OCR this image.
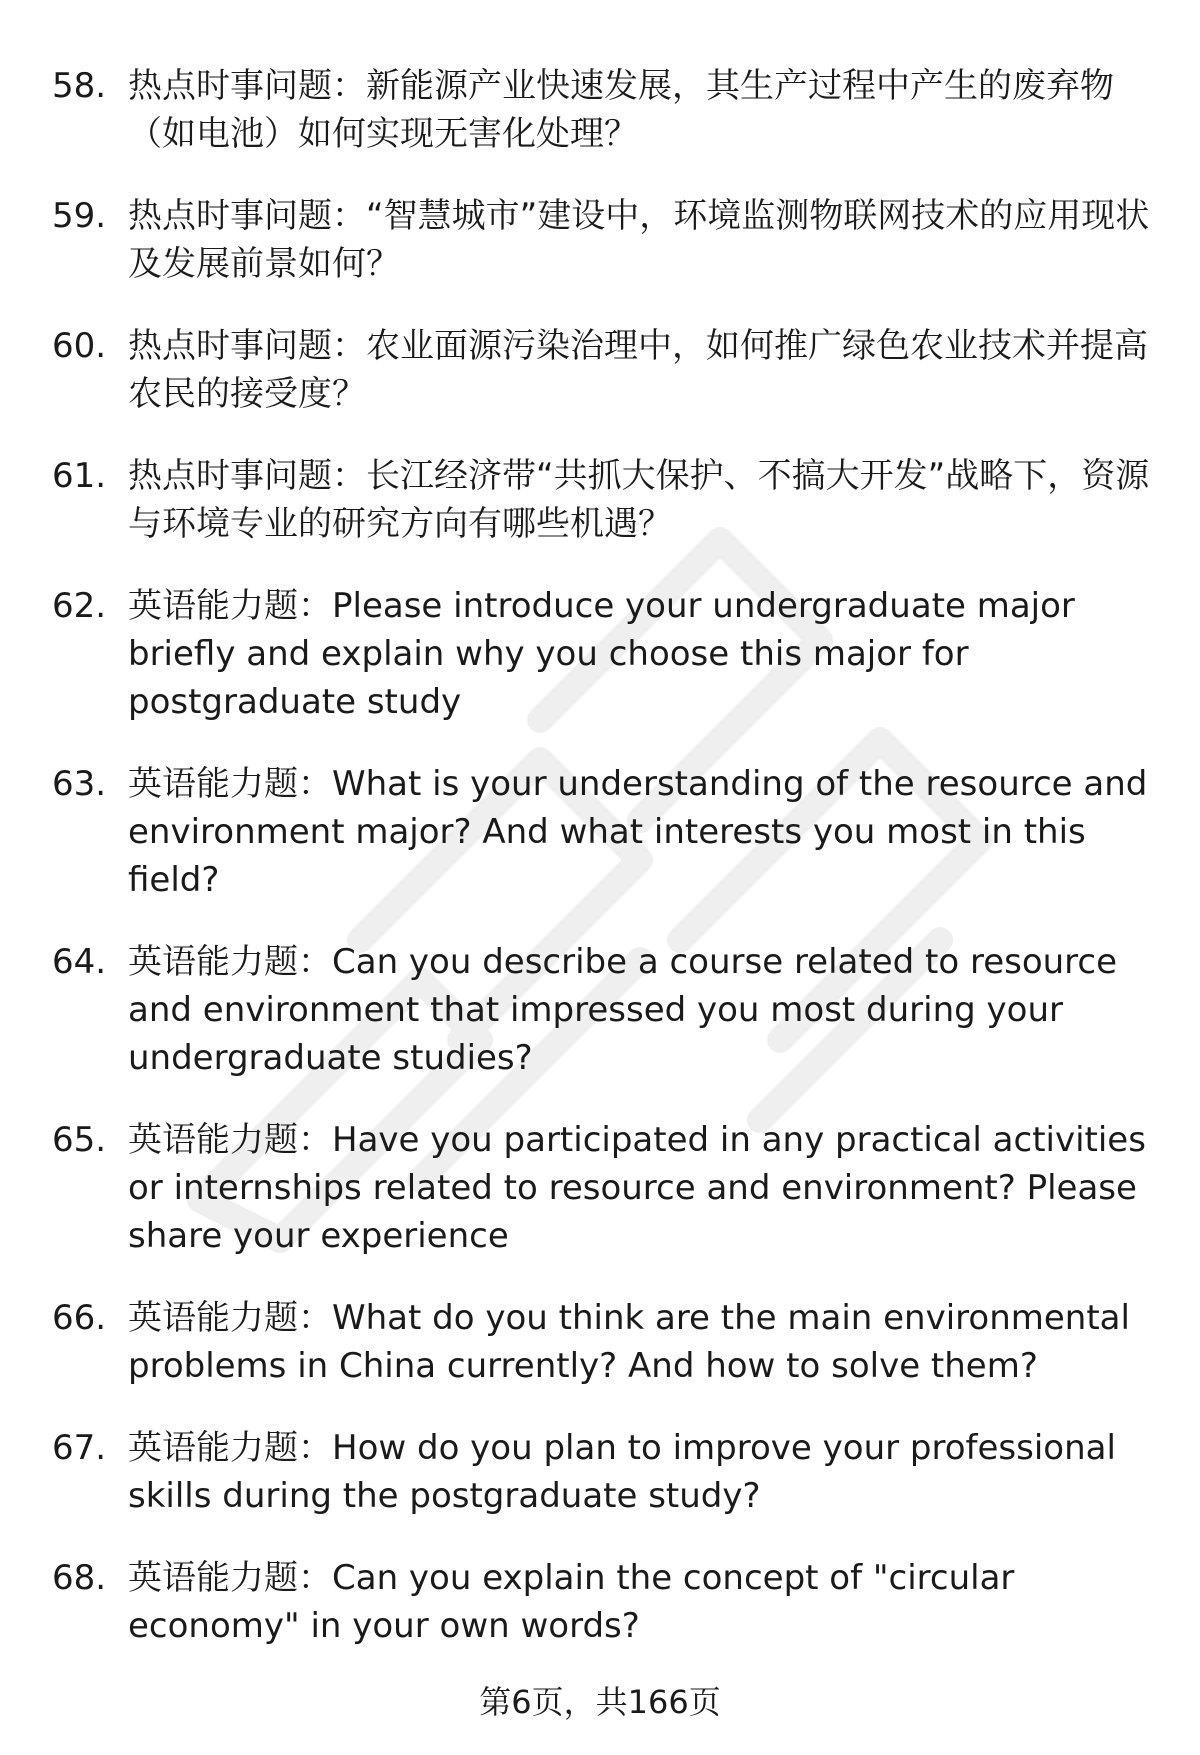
58. 热点时事问题：新能源产业快速发展，其生产过程中产生的废弃物（如电池）如何实现无害化处理？
59. 热点时事问题：“智慧城市”建设中，环境监测物联网技术的应用现状及发展前景如何？
60. 热点时事问题：农业面源污染治理中，如何推广绿色农业技术并提高农民的接受度？
61. 热点时事问题：长江经济带“共抓大保护、不搞大开发”战略下，资源与环境专业的研究方向有哪些机遇？
62. 英语能力题：Please introduce your undergraduate major briefly and explain why you choose this major for postgraduate study
63. 英语能力题：What is your understanding of the resource and environment major? And what interests you most in this field?
64. 英语能力题：Can you describe a course related to resource and environment that impressed you most during your undergraduate studies?
65. 英语能力题：Have you participated in any practical activities or internships related to resource and environment? Please share your experience
66. 英语能力题：What do you think are the main environmental problems in China currently? And how to solve them?
67. 英语能力题：How do you plan to improve your professional skills during the postgraduate study?
68. 英语能力题：Can you explain the concept of "circular economy" in your own words?
第6页，共166页
